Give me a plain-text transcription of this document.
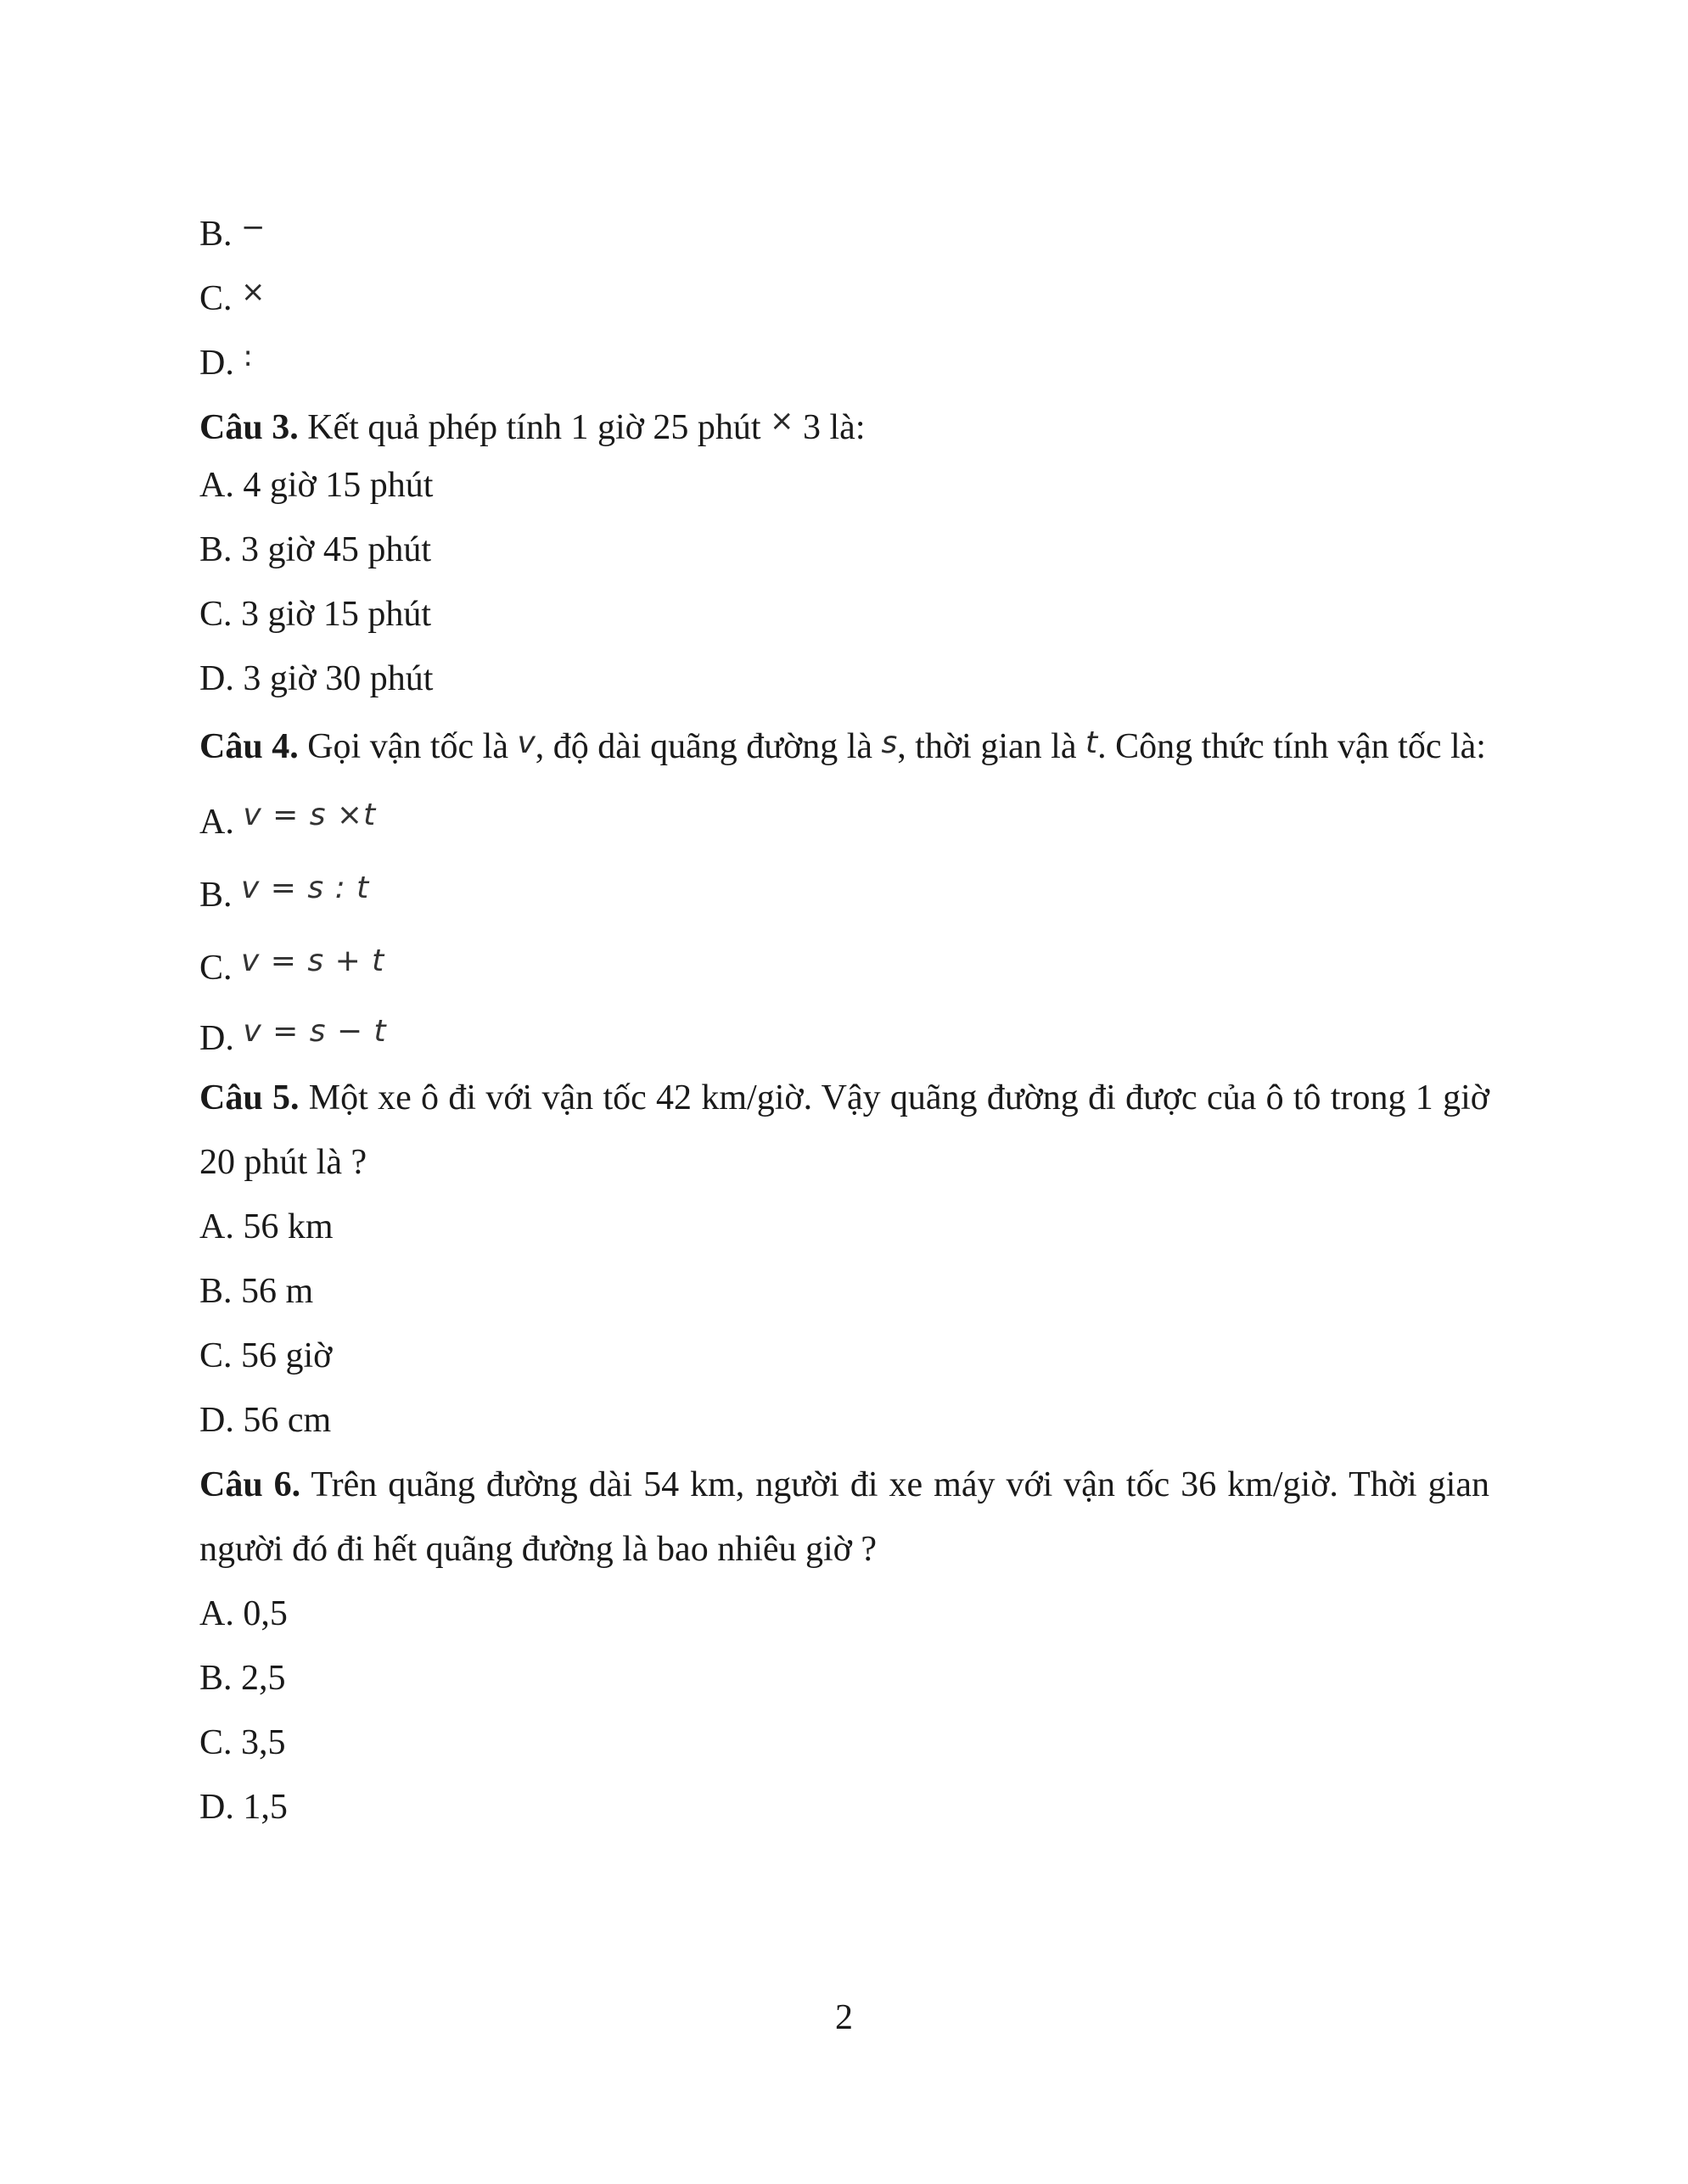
B. −
C. ×
D. :
Câu 3. Kết quả phép tính 1 giờ 25 phút × 3 là:
A. 4 giờ 15 phút
B. 3 giờ 45 phút
C. 3 giờ 15 phút
D. 3 giờ 30 phút
Câu 4. Gọi vận tốc là v, độ dài quãng đường là s, thời gian là t. Công thức tính vận tốc là:
A. v = s ×t
B. v = s : t
C. v = s + t
D. v = s − t
Câu 5. Một xe ô đi với vận tốc 42 km/giờ. Vậy quãng đường đi được của ô tô trong 1 giờ 20 phút là ?
A. 56 km
B. 56 m
C. 56 giờ
D. 56 cm
Câu 6. Trên quãng đường dài 54 km, người đi xe máy với vận tốc 36 km/giờ. Thời gian người đó đi hết quãng đường là bao nhiêu giờ ?
A. 0,5
B. 2,5
C. 3,5
D. 1,5
2
